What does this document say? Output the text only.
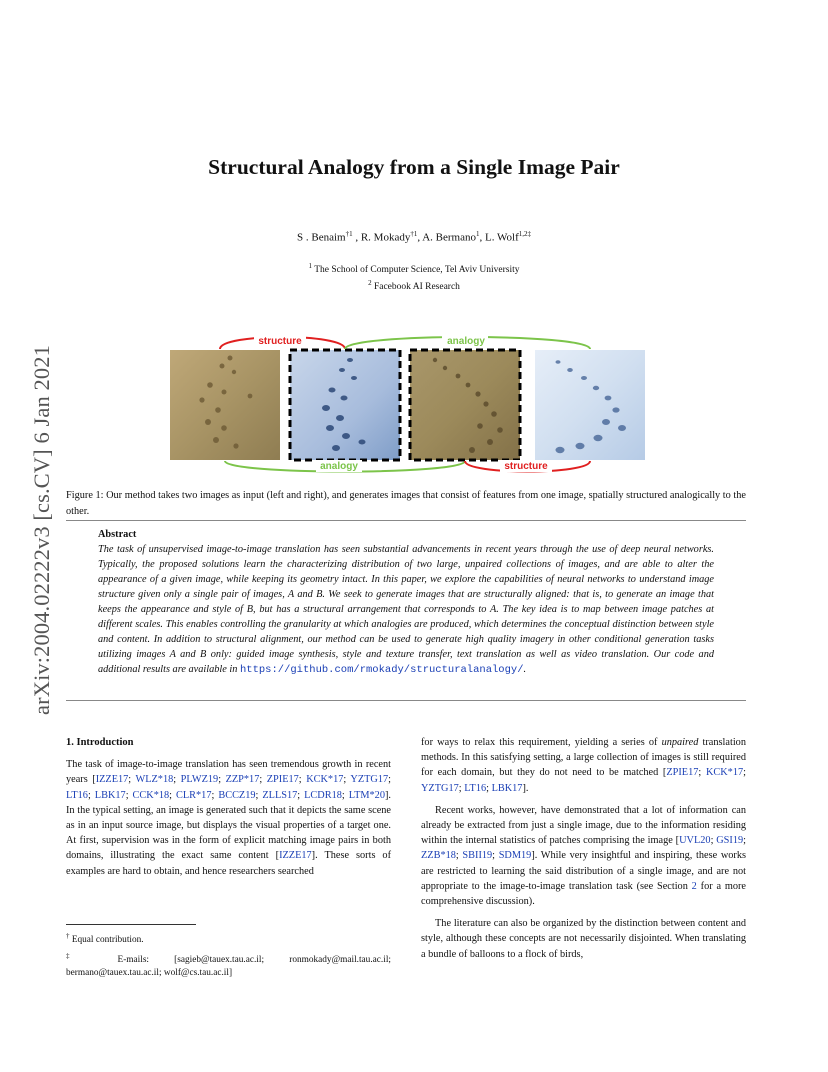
arXiv:2004.02222v3 [cs.CV] 6 Jan 2021
Structural Analogy from a Single Image Pair
S . Benaim$^{\dagger 1}$ , R. Mokady$^{\dagger 1}$, A. Bermano$^1$, L. Wolf$^{1,2\ddagger}$
$^1$ The School of Computer Science, Tel Aviv University
$^2$ Facebook AI Research
structure	analogy
analogy	structure
Figure 1: Our method takes two images as input (left and right), and generates images that consist of features from one image, spatially structured analogically to the other.
Abstract
The task of unsupervised image-to-image translation has seen substantial advancements in recent years through the use of deep neural networks. Typically, the proposed solutions learn the characterizing distribution of two large, unpaired collections of images, and are able to alter the appearance of a given image, while keeping its geometry intact. In this paper, we explore the capabilities of neural networks to understand image structure given only a single pair of images, A and B. We seek to generate images that are structurally aligned: that is, to generate an image that keeps the appearance and style of B, but has a structural arrangement that corresponds to A. The key idea is to map between image patches at different scales. This enables controlling the granularity at which analogies are produced, which determines the conceptual distinction between style and content. In addition to structural alignment, our method can be used to generate high quality imagery in other conditional generation tasks utilizing images A and B only: guided image synthesis, style and texture transfer, text translation as well as video translation. Our code and additional results are available in https://github.com/rmokady/structuralanalogy/.

1. Introduction

The task of image-to-image translation has seen tremendous growth in recent years [IZZE17; WLZ*18; PLWZ19; ZZP*17; ZPIE17; KCK*17; YZTG17; LT16; LBK17; CCK*18; CLR*17; BCCZ19; ZLLS17; LCDR18; LTM*20]. In the typical setting, an image is generated such that it depicts the same scene as in an input source image, but displays the visual properties of a target one. At first, supervision was in the form of explicit matching image pairs in both domains, illustrating the exact same content [IZZE17]. These sorts of examples are hard to obtain, and hence researchers searched

† Equal contribution.

‡	E-mails: [sagieb@tauex.tau.ac.il; ronmokady@mail.tau.ac.il; bermano@tauex.tau.ac.il; wolf@cs.tau.ac.il]

for ways to relax this requirement, yielding a series of unpaired translation methods. In this satisfying setting, a large collection of images is still required for each domain, but they do not need to be matched [ZPIE17; KCK*17; YZTG17; LT16; LBK17].

Recent works, however, have demonstrated that a lot of information can already be extracted from just a single image, due to the information residing within the internal statistics of patches comprising the image [UVL20; GSI19; ZZB*18; SBII19; SDM19]. While very insightful and inspiring, these works are restricted to learning the said distribution of a single image, and are not appropriate to the image-to-image translation task (see Section 2 for a more comprehensive discussion).

The literature can also be organized by the distinction between content and style, although these concepts are not necessarily disjointed. When translating a bundle of balloons to a flock of birds,
